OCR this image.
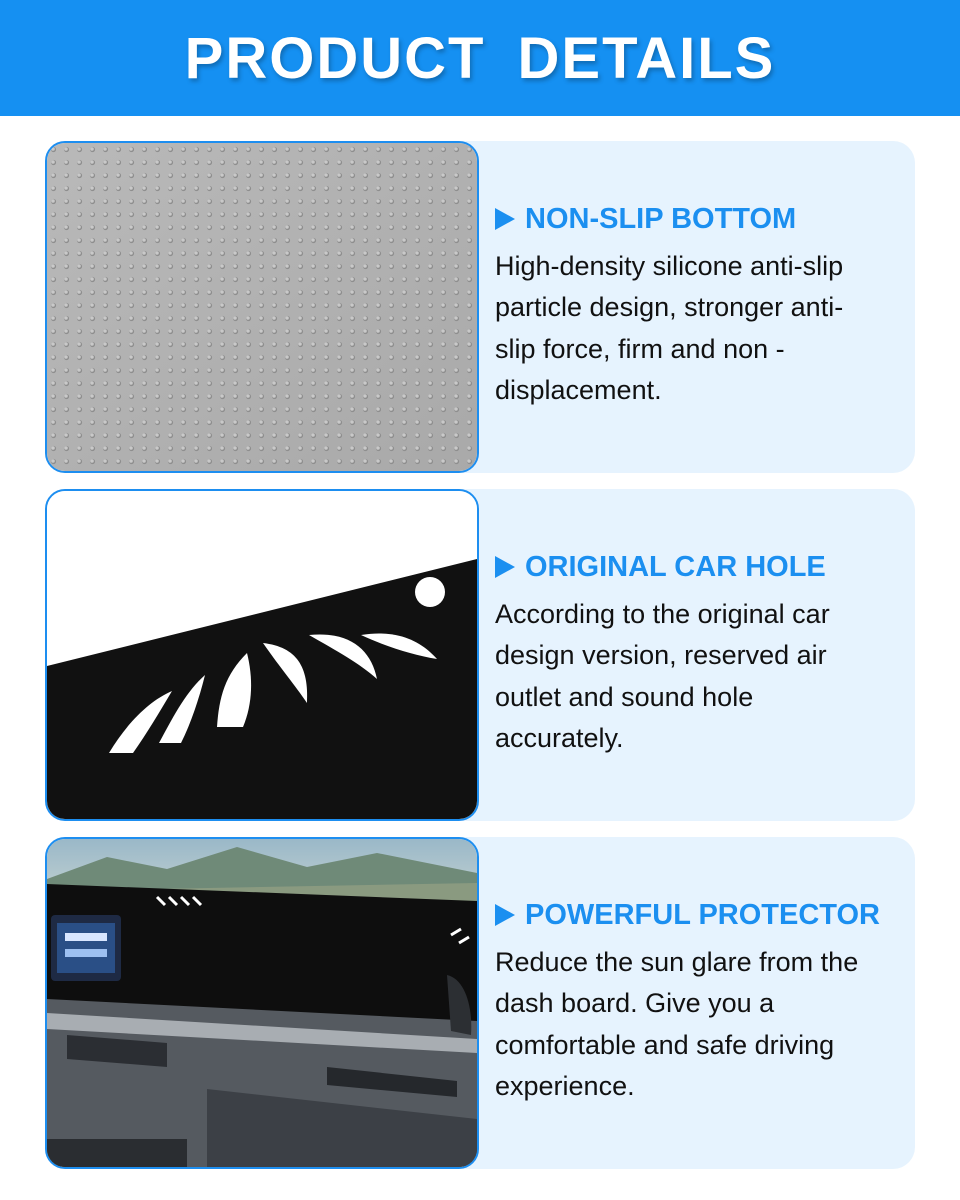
PRODUCT DETAILS
NON-SLIP BOTTOM
High-density silicone anti-slip particle design, stronger anti-slip force, firm and non -displacement.
ORIGINAL CAR HOLE
According to the original car design version, reserved air outlet and sound hole accurately.
POWERFUL PROTECTOR
Reduce the sun glare from the dash board. Give you a comfortable and safe driving experience.
